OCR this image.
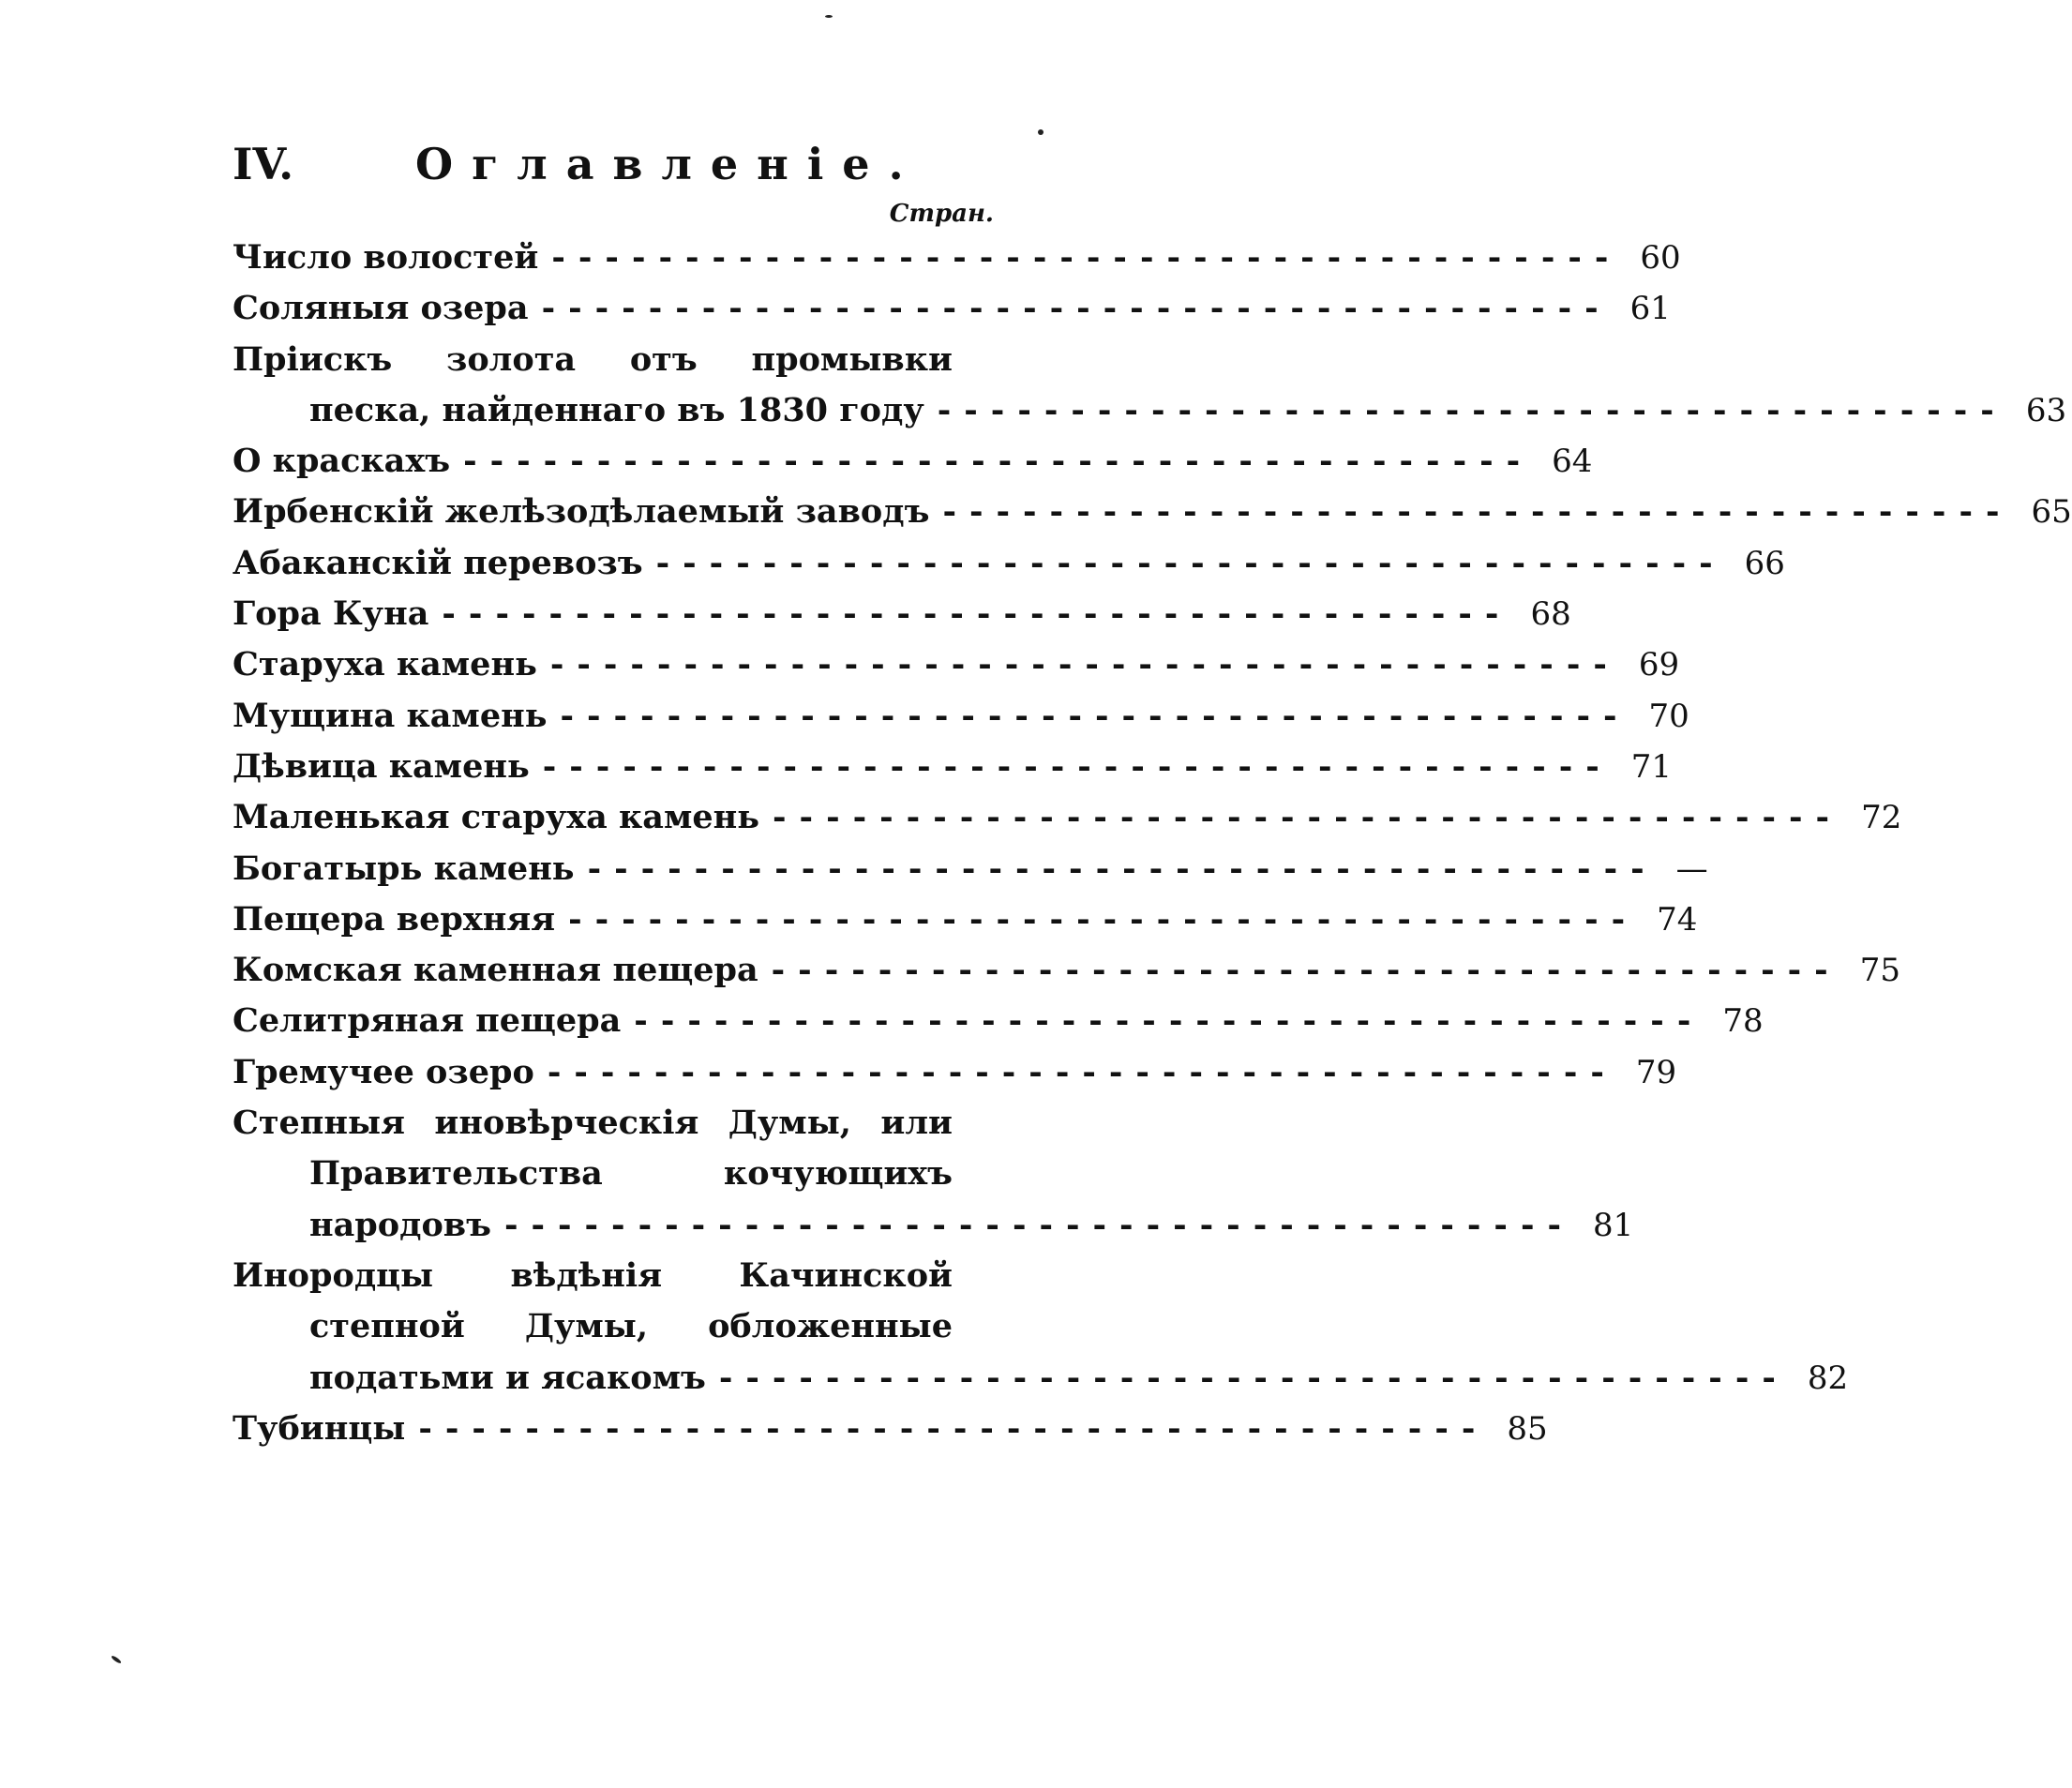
IV.	Оглавленіе.
Стран.
Число волостей ---------------------------------------- 60
Соляныя озера ---------------------------------------- 61
Пріискъ золота отъ промывки
песка, найденнаго въ 1830 году ---------------------------------------- 63
О краскахъ ---------------------------------------- 64
Ирбенскій желѣзодѣлаемый заводъ ---------------------------------------- 65
Абаканскій перевозъ ---------------------------------------- 66
Гора Куна ---------------------------------------- 68
Старуха камень ---------------------------------------- 69
Мущина камень ---------------------------------------- 70
Дѣвица камень ---------------------------------------- 71
Маленькая старуха камень ---------------------------------------- 72
Богатырь камень ---------------------------------------- —
Пещера верхняя ---------------------------------------- 74
Комская каменная пещера ---------------------------------------- 75
Селитряная пещера ---------------------------------------- 78
Гремучее озеро ---------------------------------------- 79
Степныя иновѣрческія Думы, или
Правительства	кочующихъ
народовъ ---------------------------------------- 81
Инородцы вѣдѣнія Качинской
степной Думы, обложенные
податьми и ясакомъ ---------------------------------------- 82
Тубинцы ---------------------------------------- 85
